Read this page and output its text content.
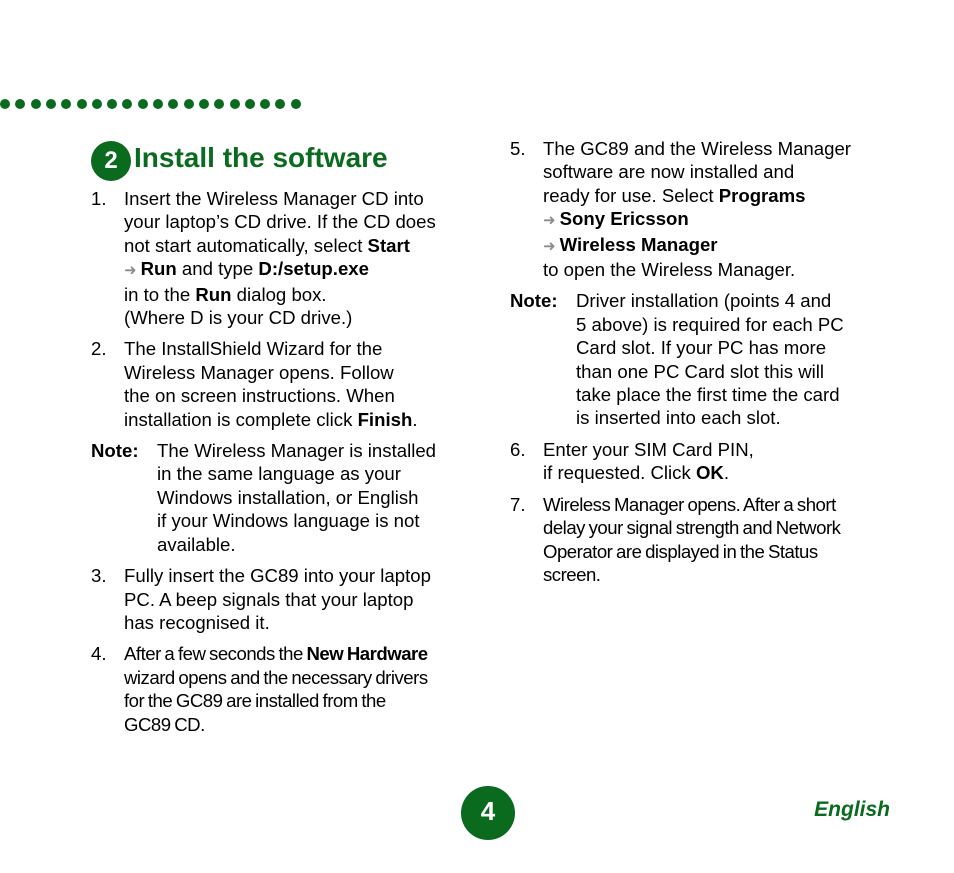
2 Install the software
1. Insert the Wireless Manager CD into
your laptop’s CD drive. If the CD does
not start automatically, select Start
➜ Run and type D:/setup.exe
in to the Run dialog box.
(Where D is your CD drive.)
2. The InstallShield Wizard for the
Wireless Manager opens. Follow
the on screen instructions. When
installation is complete click Finish.
Note: The Wireless Manager is installed
in the same language as your
Windows installation, or English
if your Windows language is not
available.
3. Fully insert the GC89 into your laptop
PC. A beep signals that your laptop
has recognised it.
4. After a few seconds the New Hardware
wizard opens and the necessary drivers
for the GC89 are installed from the
GC89 CD.
5. The GC89 and the Wireless Manager
software are now installed and
ready for use. Select Programs
➜ Sony Ericsson
➜ Wireless Manager
to open the Wireless Manager.
Note: Driver installation (points 4 and
5 above) is required for each PC
Card slot. If your PC has more
than one PC Card slot this will
take place the first time the card
is inserted into each slot.
6. Enter your SIM Card PIN,
if requested. Click OK.
7. Wireless Manager opens. After a short
delay your signal strength and Network
Operator are displayed in the Status
screen.
4	English
